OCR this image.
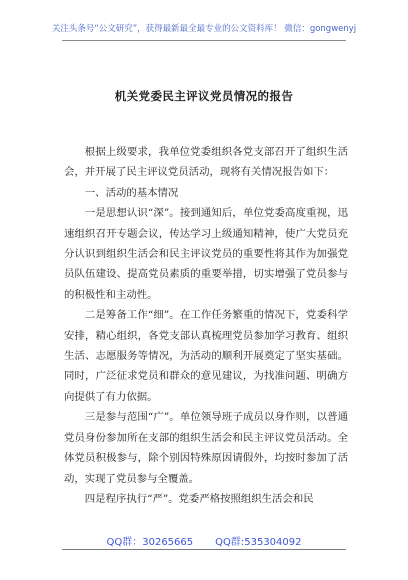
关注头条号“公文研究”，获得最新最全最专业的公文资料库！ 微信：gongwenyj
机关党委民主评议党员情况的报告

根据上级要求，我单位党委组织各党支部召开了组织生活会，并开展了民主评议党员活动，现将有关情况报告如下：

一、活动的基本情况

一是思想认识“深”。接到通知后，单位党委高度重视，迅速组织召开专题会议，传达学习上级通知精神，使广大党员充分认识到组织生活会和民主评议党员的重要性将其作为加强党员队伍建设、提高党员素质的重要举措，切实增强了党员参与的积极性和主动性。

二是筹备工作“细”。在工作任务繁重的情况下，党委科学安排，精心组织，各党支部认真梳理党员参加学习教育、组织生活、志愿服务等情况，为活动的顺利开展奠定了坚实基础。同时，广泛征求党员和群众的意见建议，为找准问题、明确方向提供了有力依据。

三是参与范围“广”。单位领导班子成员以身作则，以普通党员身份参加所在支部的组织生活会和民主评议党员活动。全体党员积极参与，除个别因特殊原因请假外，均按时参加了活动，实现了党员参与全覆盖。

四是程序执行“严”。党委严格按照组织生活会和民

QQ群：30265665 QQ群:535304092
